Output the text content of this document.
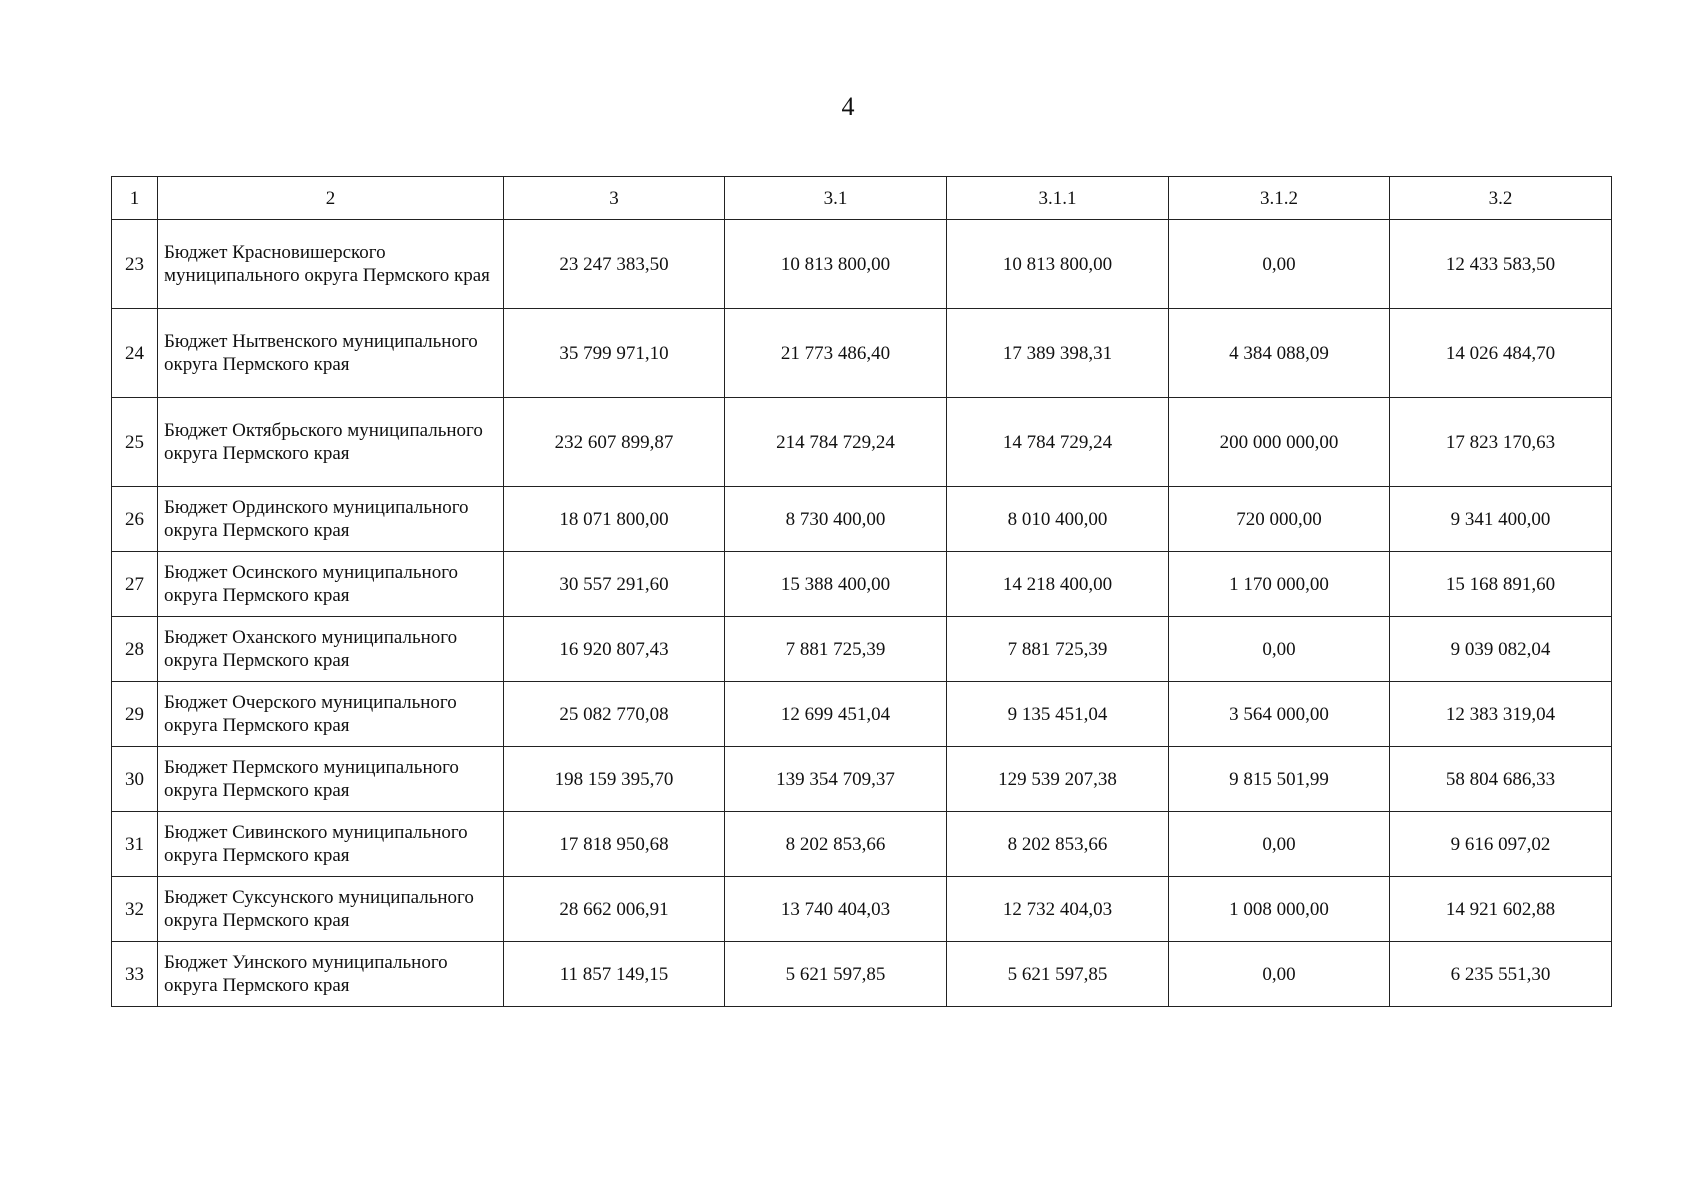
4
1	2	3	3.1	3.1.1	3.1.2	3.2
23	Бюджет Красновишерского муниципального округа Пермского края	23 247 383,50	10 813 800,00	10 813 800,00	0,00	12 433 583,50
24	Бюджет Нытвенского муниципального округа Пермского края	35 799 971,10	21 773 486,40	17 389 398,31	4 384 088,09	14 026 484,70
25	Бюджет Октябрьского муниципального округа Пермского края	232 607 899,87	214 784 729,24	14 784 729,24	200 000 000,00	17 823 170,63
26	Бюджет Ординского муниципального округа Пермского края	18 071 800,00	8 730 400,00	8 010 400,00	720 000,00	9 341 400,00
27	Бюджет Осинского муниципального округа Пермского края	30 557 291,60	15 388 400,00	14 218 400,00	1 170 000,00	15 168 891,60
28	Бюджет Оханского муниципального округа Пермского края	16 920 807,43	7 881 725,39	7 881 725,39	0,00	9 039 082,04
29	Бюджет Очерского муниципального округа Пермского края	25 082 770,08	12 699 451,04	9 135 451,04	3 564 000,00	12 383 319,04
30	Бюджет Пермского муниципального округа Пермского края	198 159 395,70	139 354 709,37	129 539 207,38	9 815 501,99	58 804 686,33
31	Бюджет Сивинского муниципального округа Пермского края	17 818 950,68	8 202 853,66	8 202 853,66	0,00	9 616 097,02
32	Бюджет Суксунского муниципального округа Пермского края	28 662 006,91	13 740 404,03	12 732 404,03	1 008 000,00	14 921 602,88
33	Бюджет Уинского муниципального округа Пермского края	11 857 149,15	5 621 597,85	5 621 597,85	0,00	6 235 551,30
